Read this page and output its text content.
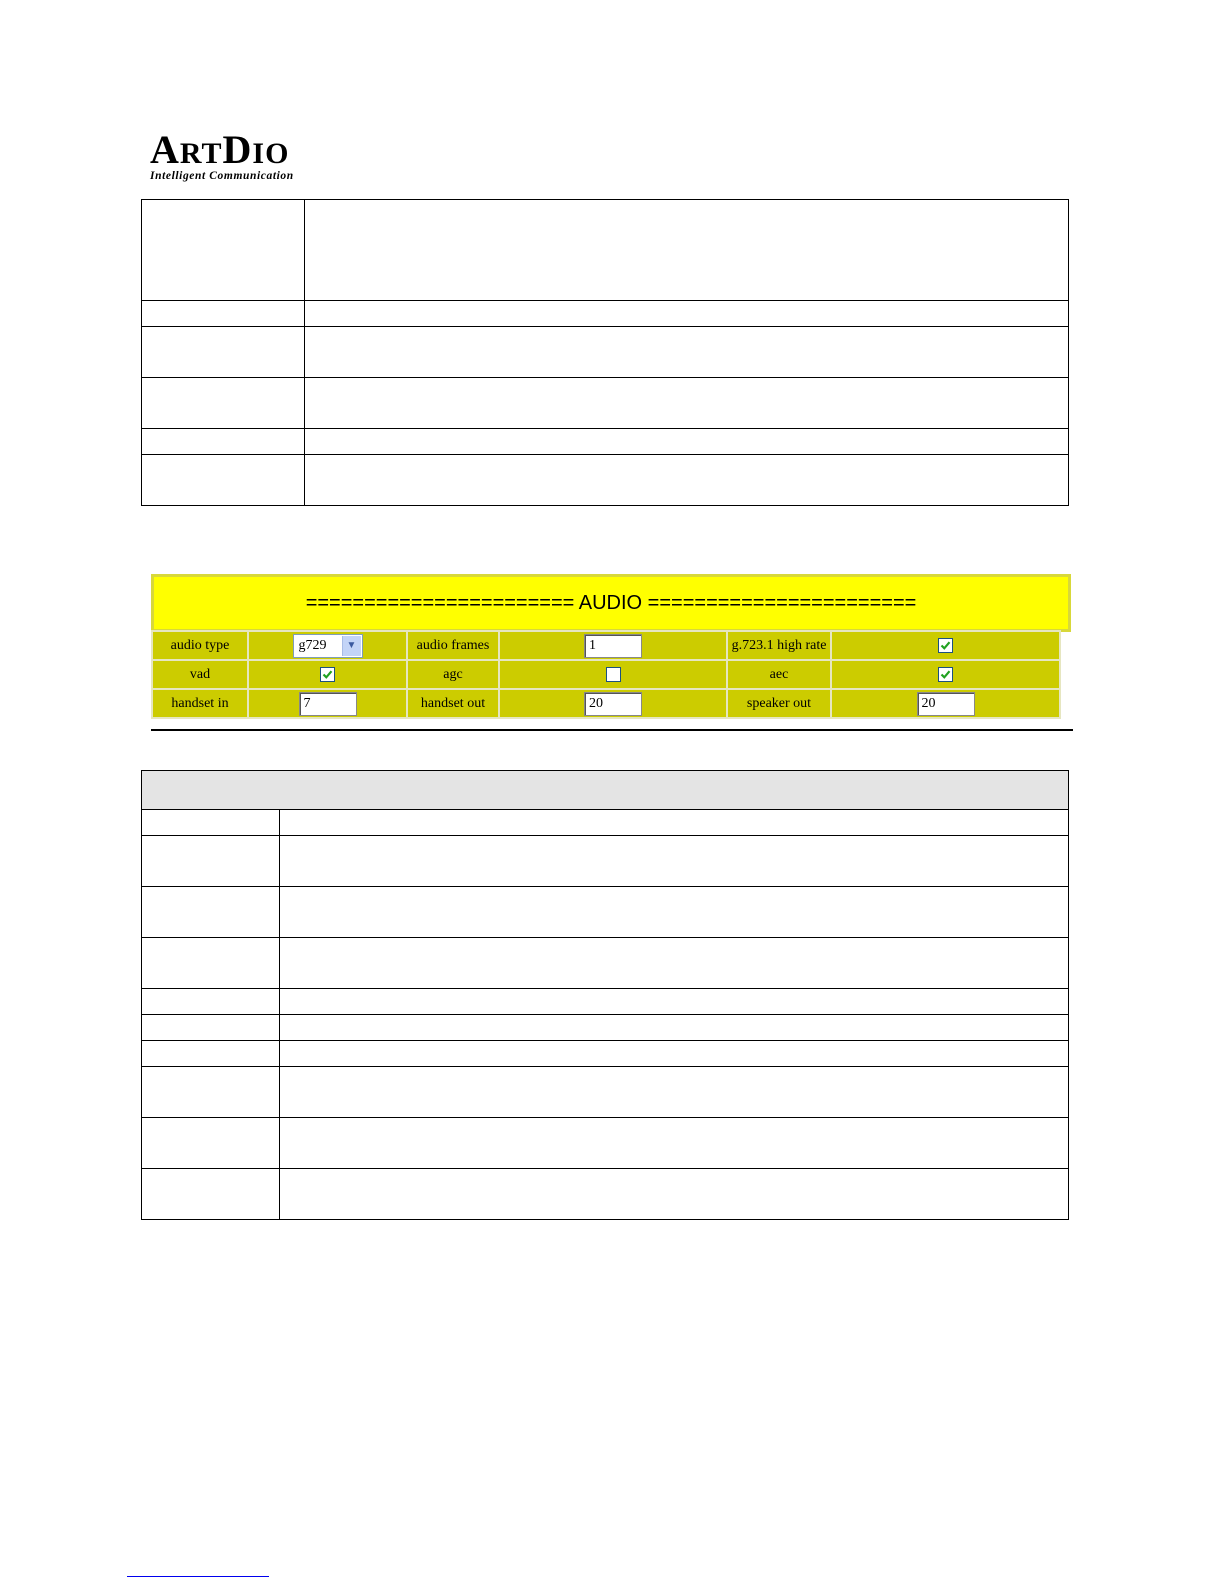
ARTDIO
Intelligent Communication

======================= AUDIO =======================
audio type	g729 ▼	audio frames	1	g.723.1 high rate	

vad		agc		aec	

handset in	7	handset out	20	speaker out	20
